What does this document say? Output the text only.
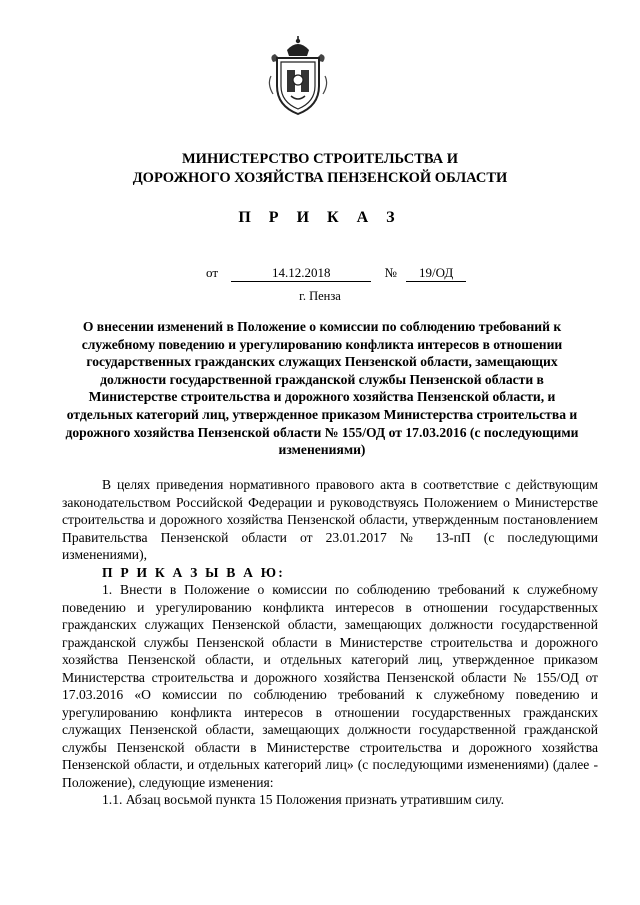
МИНИСТЕРСТВО СТРОИТЕЛЬСТВА И
ДОРОЖНОГО ХОЗЯЙСТВА ПЕНЗЕНСКОЙ ОБЛАСТИ
П Р И К А З
от	14.12.2018	№ 19/ОД
г. Пенза
О внесении изменений в Положение о комиссии по соблюдению требований к служебному поведению и урегулированию конфликта интересов в отношении государственных гражданских служащих Пензенской области, замещающих должности государственной гражданской службы Пензенской области в Министерстве строительства и дорожного хозяйства Пензенской области, и отдельных категорий лиц, утвержденное приказом Министерства строительства и дорожного хозяйства Пензенской области № 155/ОД от 17.03.2016 (с последующими изменениями)

В целях приведения нормативного правового акта в соответствие с действующим законодательством Российской Федерации и руководствуясь Положением о Министерстве строительства и дорожного хозяйства Пензенской области, утвержденным постановлением Правительства Пензенской области от 23.01.2017 № 13-пП (с последующими изменениями),

П Р И К А З Ы В А Ю:

1. Внести в Положение о комиссии по соблюдению требований к служебному поведению и урегулированию конфликта интересов в отношении государственных гражданских служащих Пензенской области, замещающих должности государственной гражданской службы Пензенской области в Министерстве строительства и дорожного хозяйства Пензенской области, и отдельных категорий лиц, утвержденное приказом Министерства строительства и дорожного хозяйства Пензенской области № 155/ОД от 17.03.2016 «О комиссии по соблюдению требований к служебному поведению и урегулированию конфликта интересов в отношении государственных гражданских служащих Пензенской области, замещающих должности государственной гражданской службы Пензенской области в Министерстве строительства и дорожного хозяйства Пензенской области, и отдельных категорий лиц» (с последующими изменениями) (далее - Положение), следующие изменения:

1.1. Абзац восьмой пункта 15 Положения признать утратившим силу.
